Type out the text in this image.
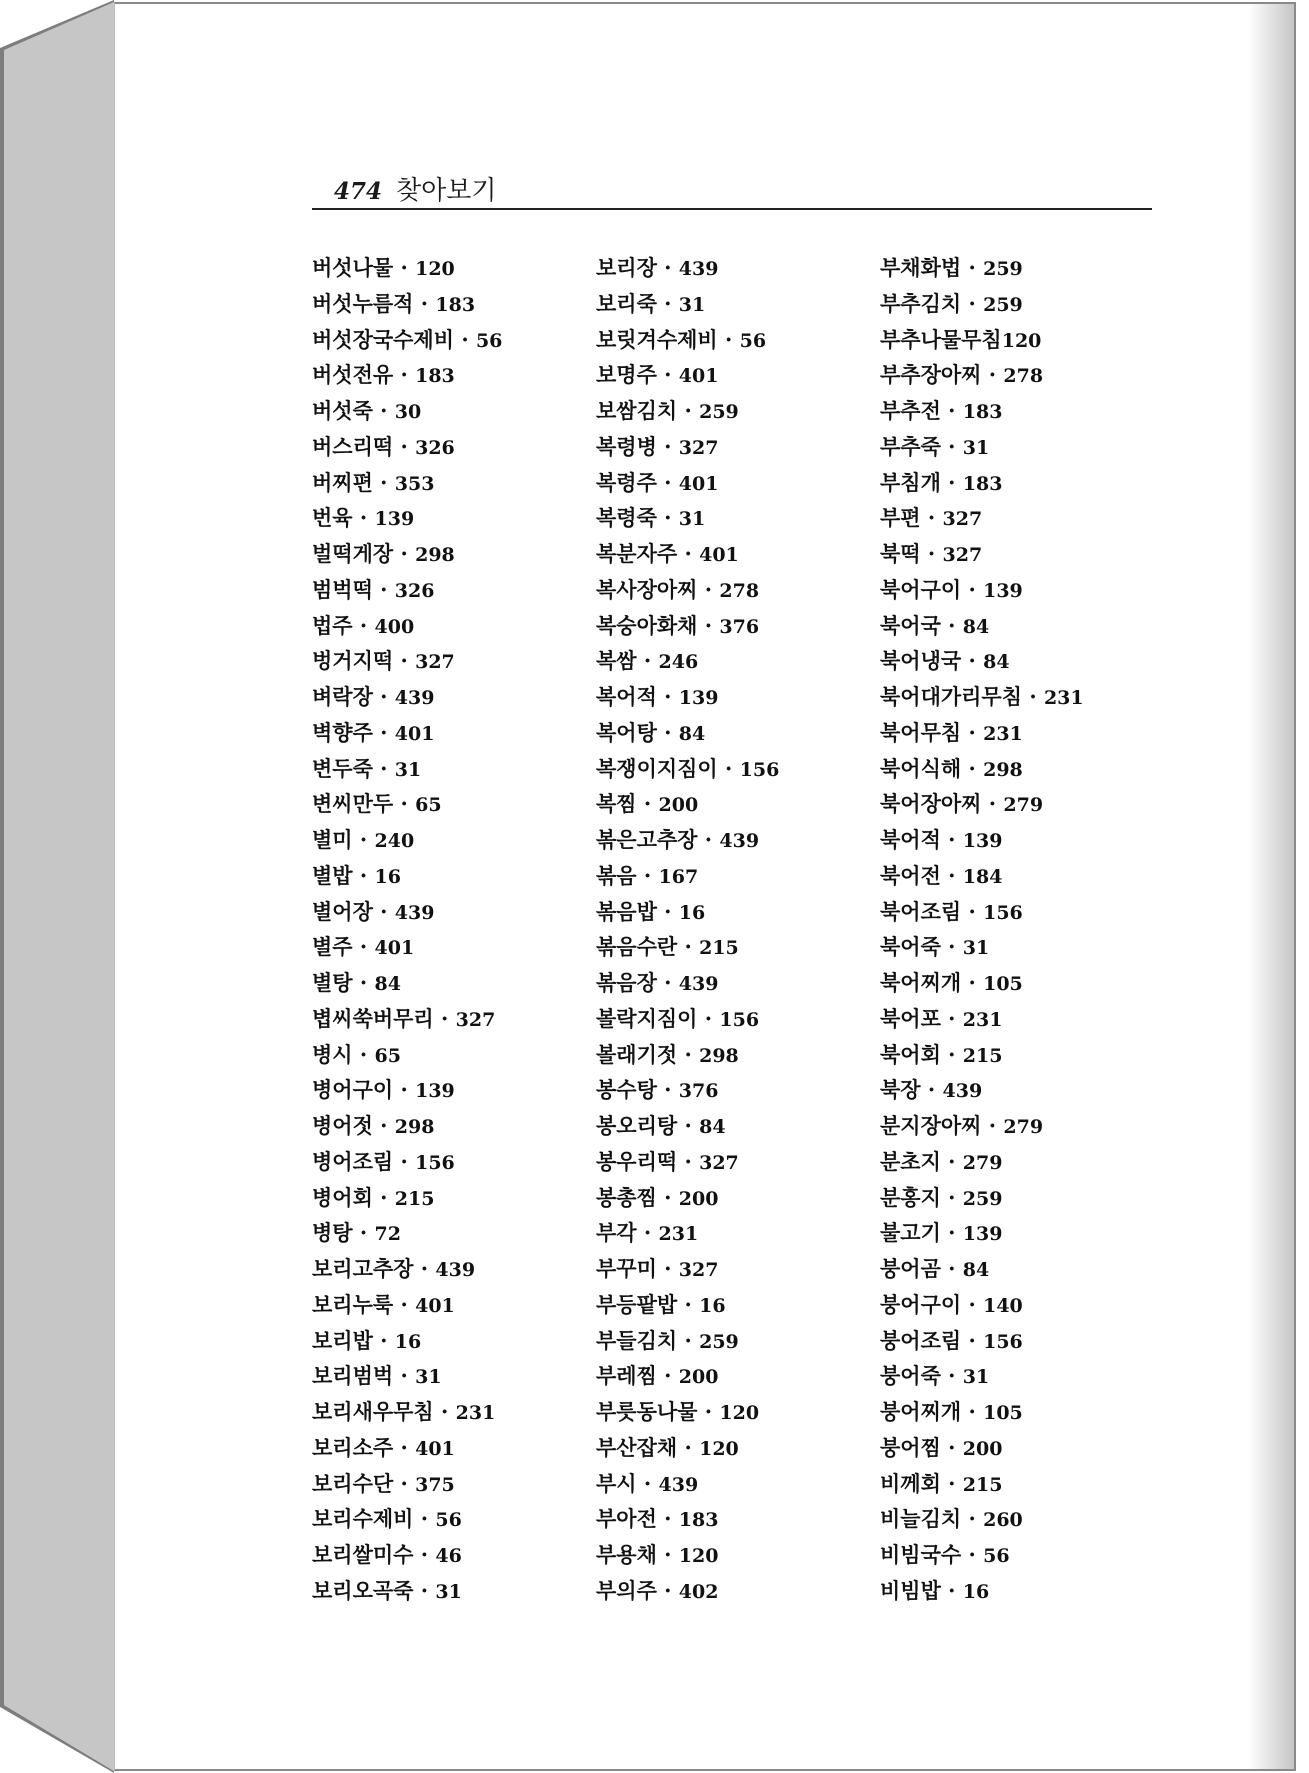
474 찾아보기
버섯나물 · 120
버섯누름적 · 183
버섯장국수제비 · 56
버섯전유 · 183
버섯죽 · 30
버스리떡 · 326
버찌편 · 353
번육 · 139
벌떡게장 · 298
범벅떡 · 326
법주 · 400
벙거지떡 · 327
벼락장 · 439
벽향주 · 401
변두죽 · 31
변씨만두 · 65
별미 · 240
별밥 · 16
별어장 · 439
별주 · 401
별탕 · 84
볍씨쑥버무리 · 327
병시 · 65
병어구이 · 139
병어젓 · 298
병어조림 · 156
병어회 · 215
병탕 · 72
보리고추장 · 439
보리누룩 · 401
보리밥 · 16
보리범벅 · 31
보리새우무침 · 231
보리소주 · 401
보리수단 · 375
보리수제비 · 56
보리쌀미수 · 46
보리오곡죽 · 31
보리장 · 439
보리죽 · 31
보릿겨수제비 · 56
보명주 · 401
보쌈김치 · 259
복령병 · 327
복령주 · 401
복령죽 · 31
복분자주 · 401
복사장아찌 · 278
복숭아화채 · 376
복쌈 · 246
복어적 · 139
복어탕 · 84
복쟁이지짐이 · 156
복찜 · 200
볶은고추장 · 439
볶음 · 167
볶음밥 · 16
볶음수란 · 215
볶음장 · 439
볼락지짐이 · 156
볼래기젓 · 298
봉수탕 · 376
봉오리탕 · 84
봉우리떡 · 327
봉총찜 · 200
부각 · 231
부꾸미 · 327
부등팥밥 · 16
부들김치 · 259
부레찜 · 200
부릇동나물 · 120
부산잡채 · 120
부시 · 439
부아전 · 183
부용채 · 120
부의주 · 402
부채화법 · 259
부추김치 · 259
부추나물무침120
부추장아찌 · 278
부추전 · 183
부추죽 · 31
부침개 · 183
부편 · 327
북떡 · 327
북어구이 · 139
북어국 · 84
북어냉국 · 84
북어대가리무침 · 231
북어무침 · 231
북어식해 · 298
북어장아찌 · 279
북어적 · 139
북어전 · 184
북어조림 · 156
북어죽 · 31
북어찌개 · 105
북어포 · 231
북어회 · 215
북장 · 439
분지장아찌 · 279
분초지 · 279
분홍지 · 259
불고기 · 139
붕어곰 · 84
붕어구이 · 140
붕어조림 · 156
붕어죽 · 31
붕어찌개 · 105
붕어찜 · 200
비께회 · 215
비늘김치 · 260
비빔국수 · 56
비빔밥 · 16
